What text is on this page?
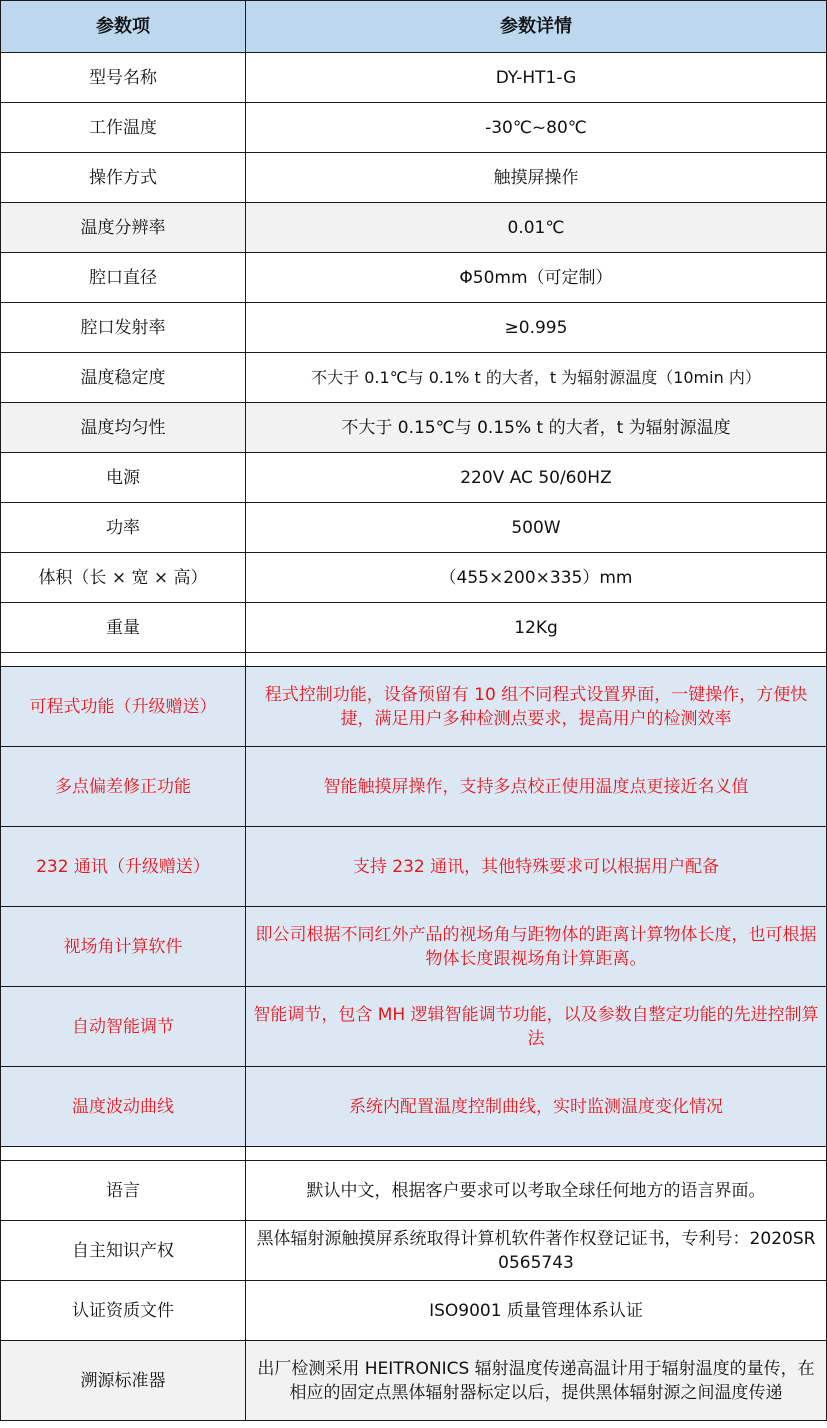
参数项	参数详情
型号名称	DY-HT1-G
工作温度	-30℃~80℃
操作方式	触摸屏操作
温度分辨率	0.01℃
腔口直径	Φ50mm（可定制）
腔口发射率	≥0.995
温度稳定度	不大于 0.1℃与 0.1% t 的大者，t 为辐射源温度（10min 内）
温度均匀性	不大于 0.15℃与 0.15% t 的大者，t 为辐射源温度
电源	220V AC 50/60HZ
功率	500W
体积（长 × 宽 × 高）	（455×200×335）mm
重量	12Kg

可程式功能（升级赠送）	程式控制功能，设备预留有 10 组不同程式设置界面，一键操作，方便快捷，满足用户多种检测点要求，提高用户的检测效率
多点偏差修正功能	智能触摸屏操作，支持多点校正使用温度点更接近名义值
232 通讯（升级赠送）	支持 232 通讯，其他特殊要求可以根据用户配备
视场角计算软件	即公司根据不同红外产品的视场角与距物体的距离计算物体长度，也可根据物体长度跟视场角计算距离。
自动智能调节	智能调节，包含 MH 逻辑智能调节功能，以及参数自整定功能的先进控制算法
温度波动曲线	系统内配置温度控制曲线，实时监测温度变化情况

语言	默认中文，根据客户要求可以考取全球任何地方的语言界面。
自主知识产权	黑体辐射源触摸屏系统取得计算机软件著作权登记证书，专利号：2020SR0565743
认证资质文件	ISO9001 质量管理体系认证
溯源标准器	出厂检测采用 HEITRONICS 辐射温度传递高温计用于辐射温度的量传，在相应的固定点黑体辐射器标定以后，提供黑体辐射源之间温度传递
